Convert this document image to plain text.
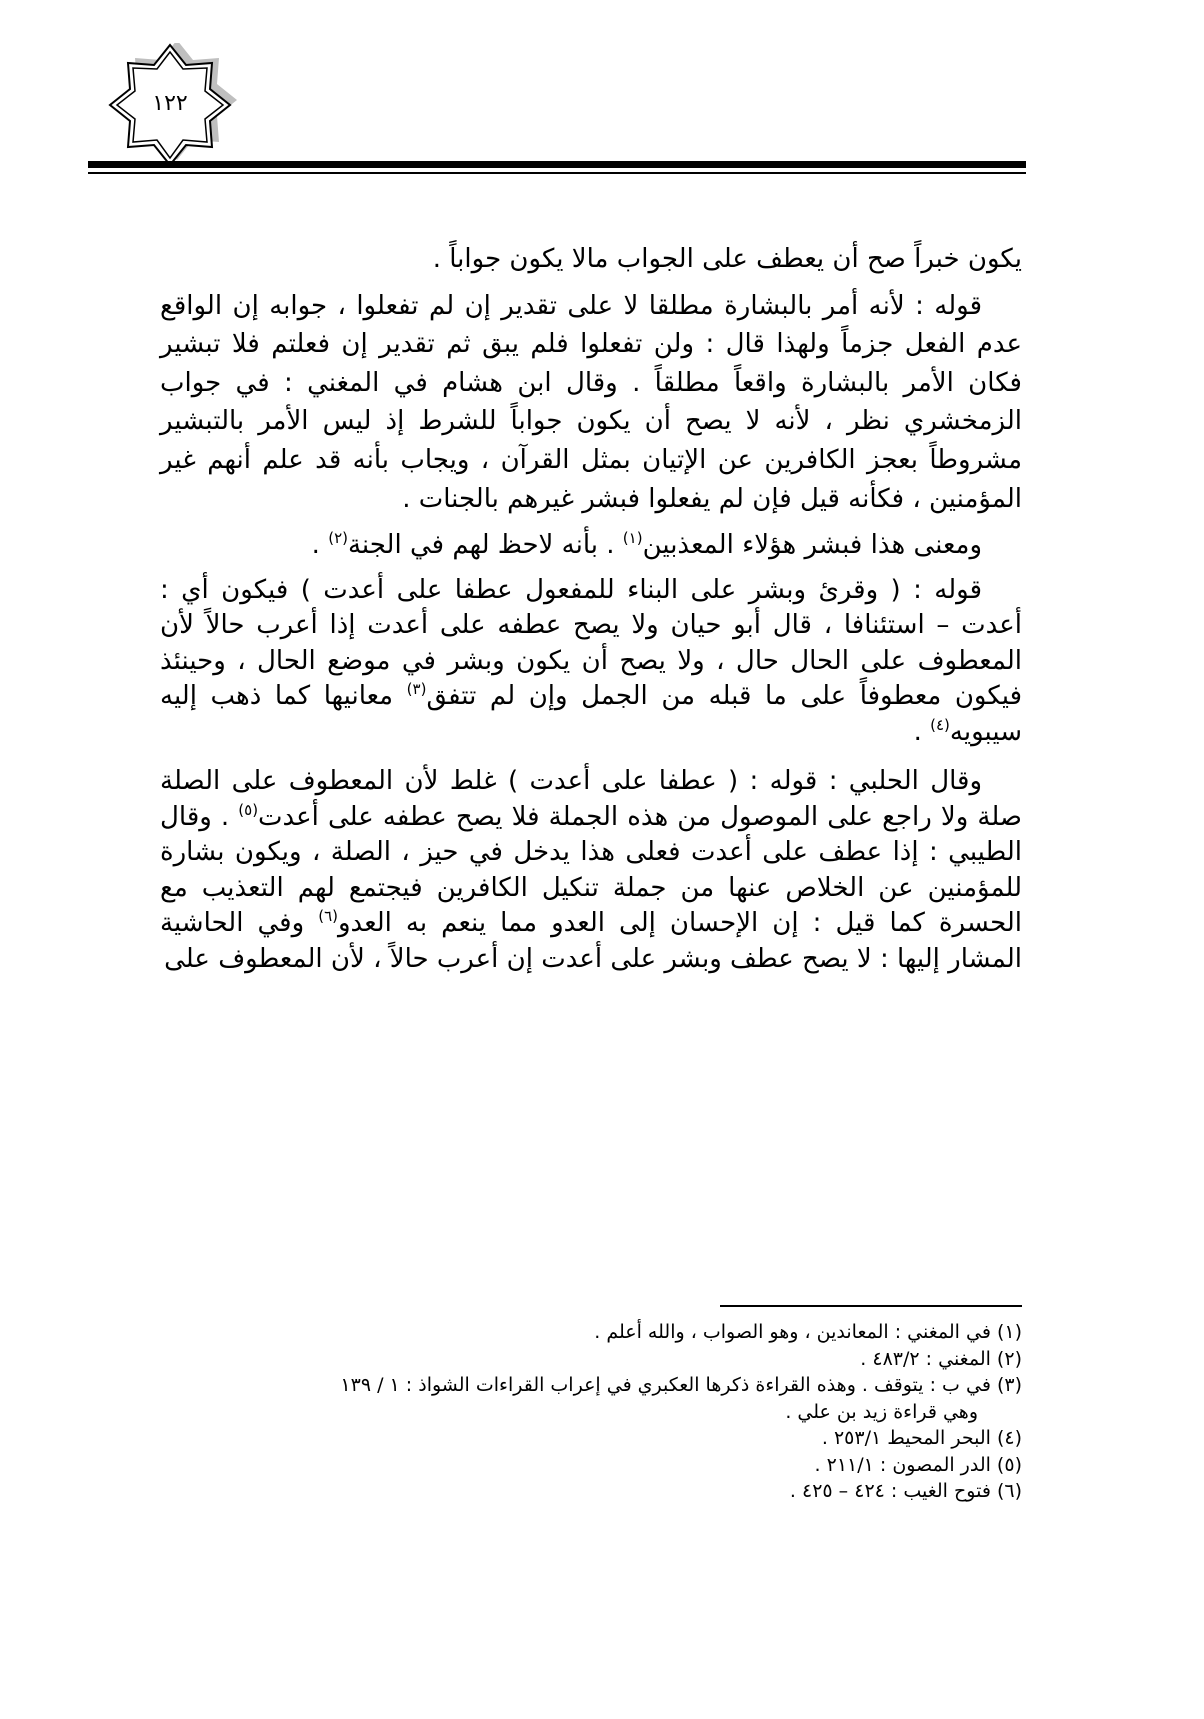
١٢٢

يكون خبراً صح أن يعطف على الجواب مالا يكون جواباً .

قوله : لأنه أمر بالبشارة مطلقا لا على تقدير إن لم تفعلوا ، جوابه إن الواقع عدم الفعل جزماً ولهذا قال : ولن تفعلوا فلم يبق ثم تقدير إن فعلتم فلا تبشير فكان الأمر بالبشارة واقعاً مطلقاً . وقال ابن هشام في المغني : في جواب الزمخشري نظر ، لأنه لا يصح أن يكون جواباً للشرط إذ ليس الأمر بالتبشير مشروطاً بعجز الكافرين عن الإتيان بمثل القرآن ، ويجاب بأنه قد علم أنهم غير المؤمنين ، فكأنه قيل فإن لم يفعلوا فبشر غيرهم بالجنات .

ومعنى هذا فبشر هؤلاء المعذبين$^{(١)}$ . بأنه لاحظ لهم في الجنة$^{(٢)}$ .

قوله : ( وقرئ وبشر على البناء للمفعول عطفا على أعدت ) فيكون أي : أعدت – استئنافا ، قال أبو حيان ولا يصح عطفه على أعدت إذا أعرب حالاً لأن المعطوف على الحال حال ، ولا يصح أن يكون وبشر في موضع الحال ، وحينئذ فيكون معطوفاً على ما قبله من الجمل وإن لم تتفق$^{(٣)}$ معانيها كما ذهب إليه سيبويه$^{(٤)}$ .

وقال الحلبي : قوله : ( عطفا على أعدت ) غلط لأن المعطوف على الصلة صلة ولا راجع على الموصول من هذه الجملة فلا يصح عطفه على أعدت$^{(٥)}$ . وقال الطيبي : إذا عطف على أعدت فعلى هذا يدخل في حيز ، الصلة ، ويكون بشارة للمؤمنين عن الخلاص عنها من جملة تنكيل الكافرين فيجتمع لهم التعذيب مع الحسرة كما قيل : إن الإحسان إلى العدو مما ينعم به العدو$^{(٦)}$ وفي الحاشية المشار إليها : لا يصح عطف وبشر على أعدت إن أعرب حالاً ، لأن المعطوف على

(١) في المغني : المعاندين ، وهو الصواب ، والله أعلم .

(٢) المغني : ٤٨٣/٢ .

(٣) في ب : يتوقف . وهذه القراءة ذكرها العكبري في إعراب القراءات الشواذ : ١ / ١٣٩

وهي قراءة زيد بن علي .

(٤) البحر المحيط ٢٥٣/١ .

(٥) الدر المصون : ٢١١/١ .

(٦) فتوح الغيب : ٤٢٤ – ٤٢٥ .
